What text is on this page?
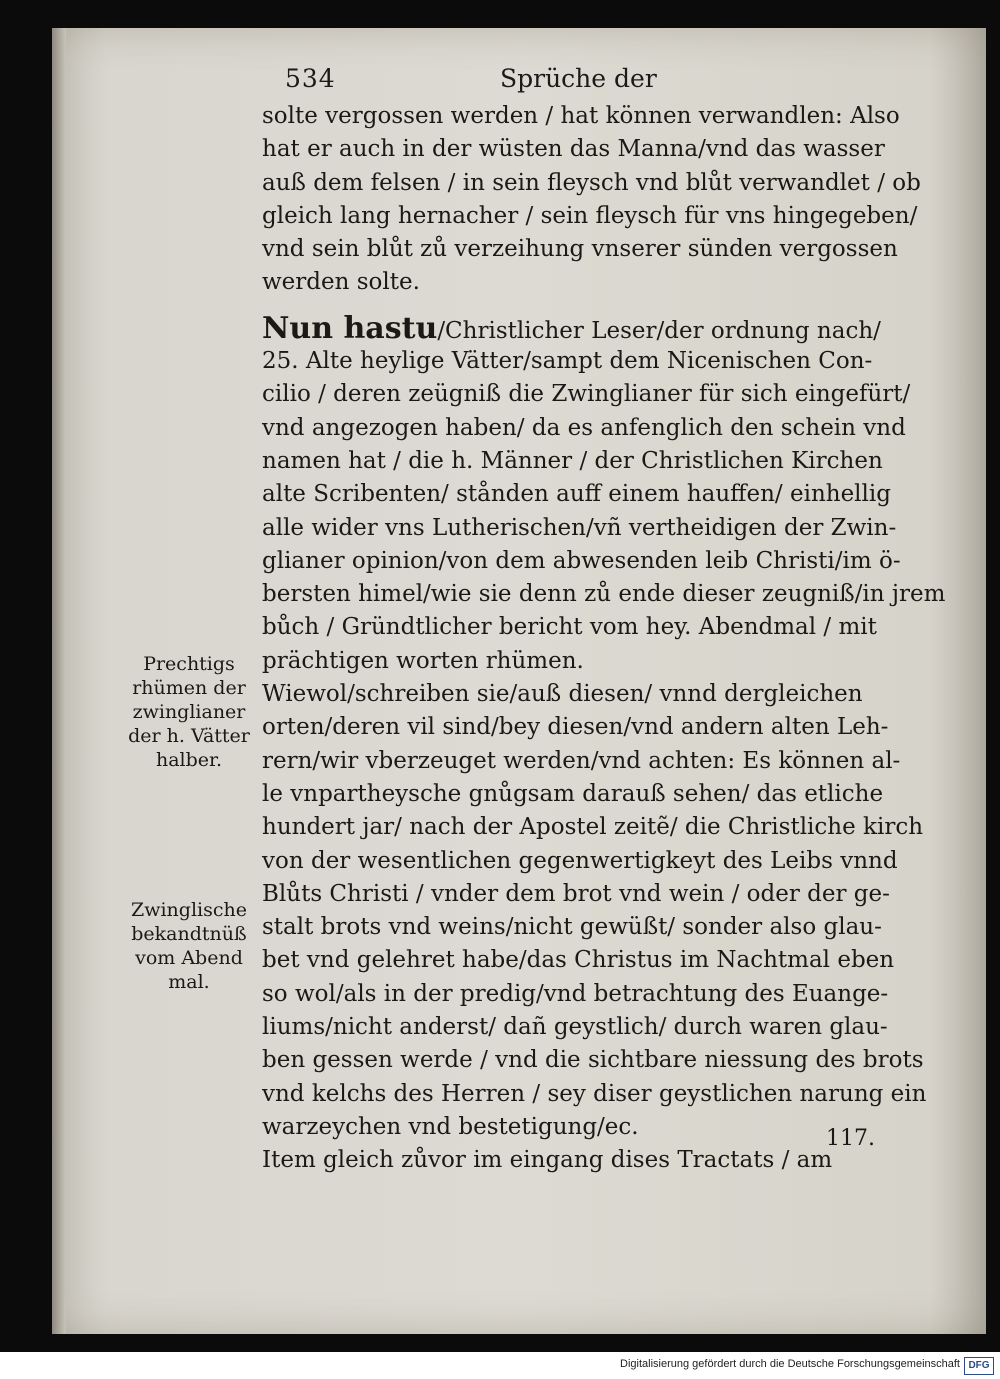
534	Sprüche der
solte vergossen werden / hat können verwandlen: Also
hat er auch in der wüsten das Manna/vnd das wasser
auß dem felsen / in sein fleysch vnd blůt verwandlet / ob
gleich lang hernacher / sein fleysch für vns hingegeben/
vnd sein blůt zů verzeihung vnserer sünden vergossen
werden solte.
Nun hastu/Christlicher Leser/der ordnung nach/
25. Alte heylige Vätter/sampt dem Nicenischen Con-
cilio / deren zeügniß die Zwinglianer für sich eingefürt/
vnd angezogen haben/ da es anfenglich den schein vnd
namen hat / die h. Männer / der Christlichen Kirchen
alte Scribenten/ stånden auff einem hauffen/ einhellig
alle wider vns Lutherischen/vñ vertheidigen der Zwin-
glianer opinion/von dem abwesenden leib Christi/im ö-
bersten himel/wie sie denn zů ende dieser zeugniß/in jrem
bůch / Gründtlicher bericht vom hey. Abendmal / mit
prächtigen worten rhümen.
Wiewol/schreiben sie/auß diesen/ vnnd dergleichen
orten/deren vil sind/bey diesen/vnd andern alten Leh-
rern/wir vberzeuget werden/vnd achten: Es können al-
le vnpartheysche gnůgsam darauß sehen/ das etliche
hundert jar/ nach der Apostel zeitẽ/ die Christliche kirch
von der wesentlichen gegenwertigkeyt des Leibs vnnd
Blůts Christi / vnder dem brot vnd wein / oder der ge-
stalt brots vnd weins/nicht gewüßt/ sonder also glau-
bet vnd gelehret habe/das Christus im Nachtmal eben
so wol/als in der predig/vnd betrachtung des Euange-
liums/nicht anderst/ dañ geystlich/ durch waren glau-
ben gessen werde / vnd die sichtbare niessung des brots
vnd kelchs des Herren / sey diser geystlichen narung ein
warzeychen vnd bestetigung/ec.
Item gleich zůvor im eingang dises Tractats / am
Prechtigs
rhümen der
zwinglianer
der h. Vätter
halber.
Zwinglische
bekandtnüß
vom Abend
mal.
117.
Digitalisierung gefördert durch die Deutsche Forschungsgemeinschaft DFG
